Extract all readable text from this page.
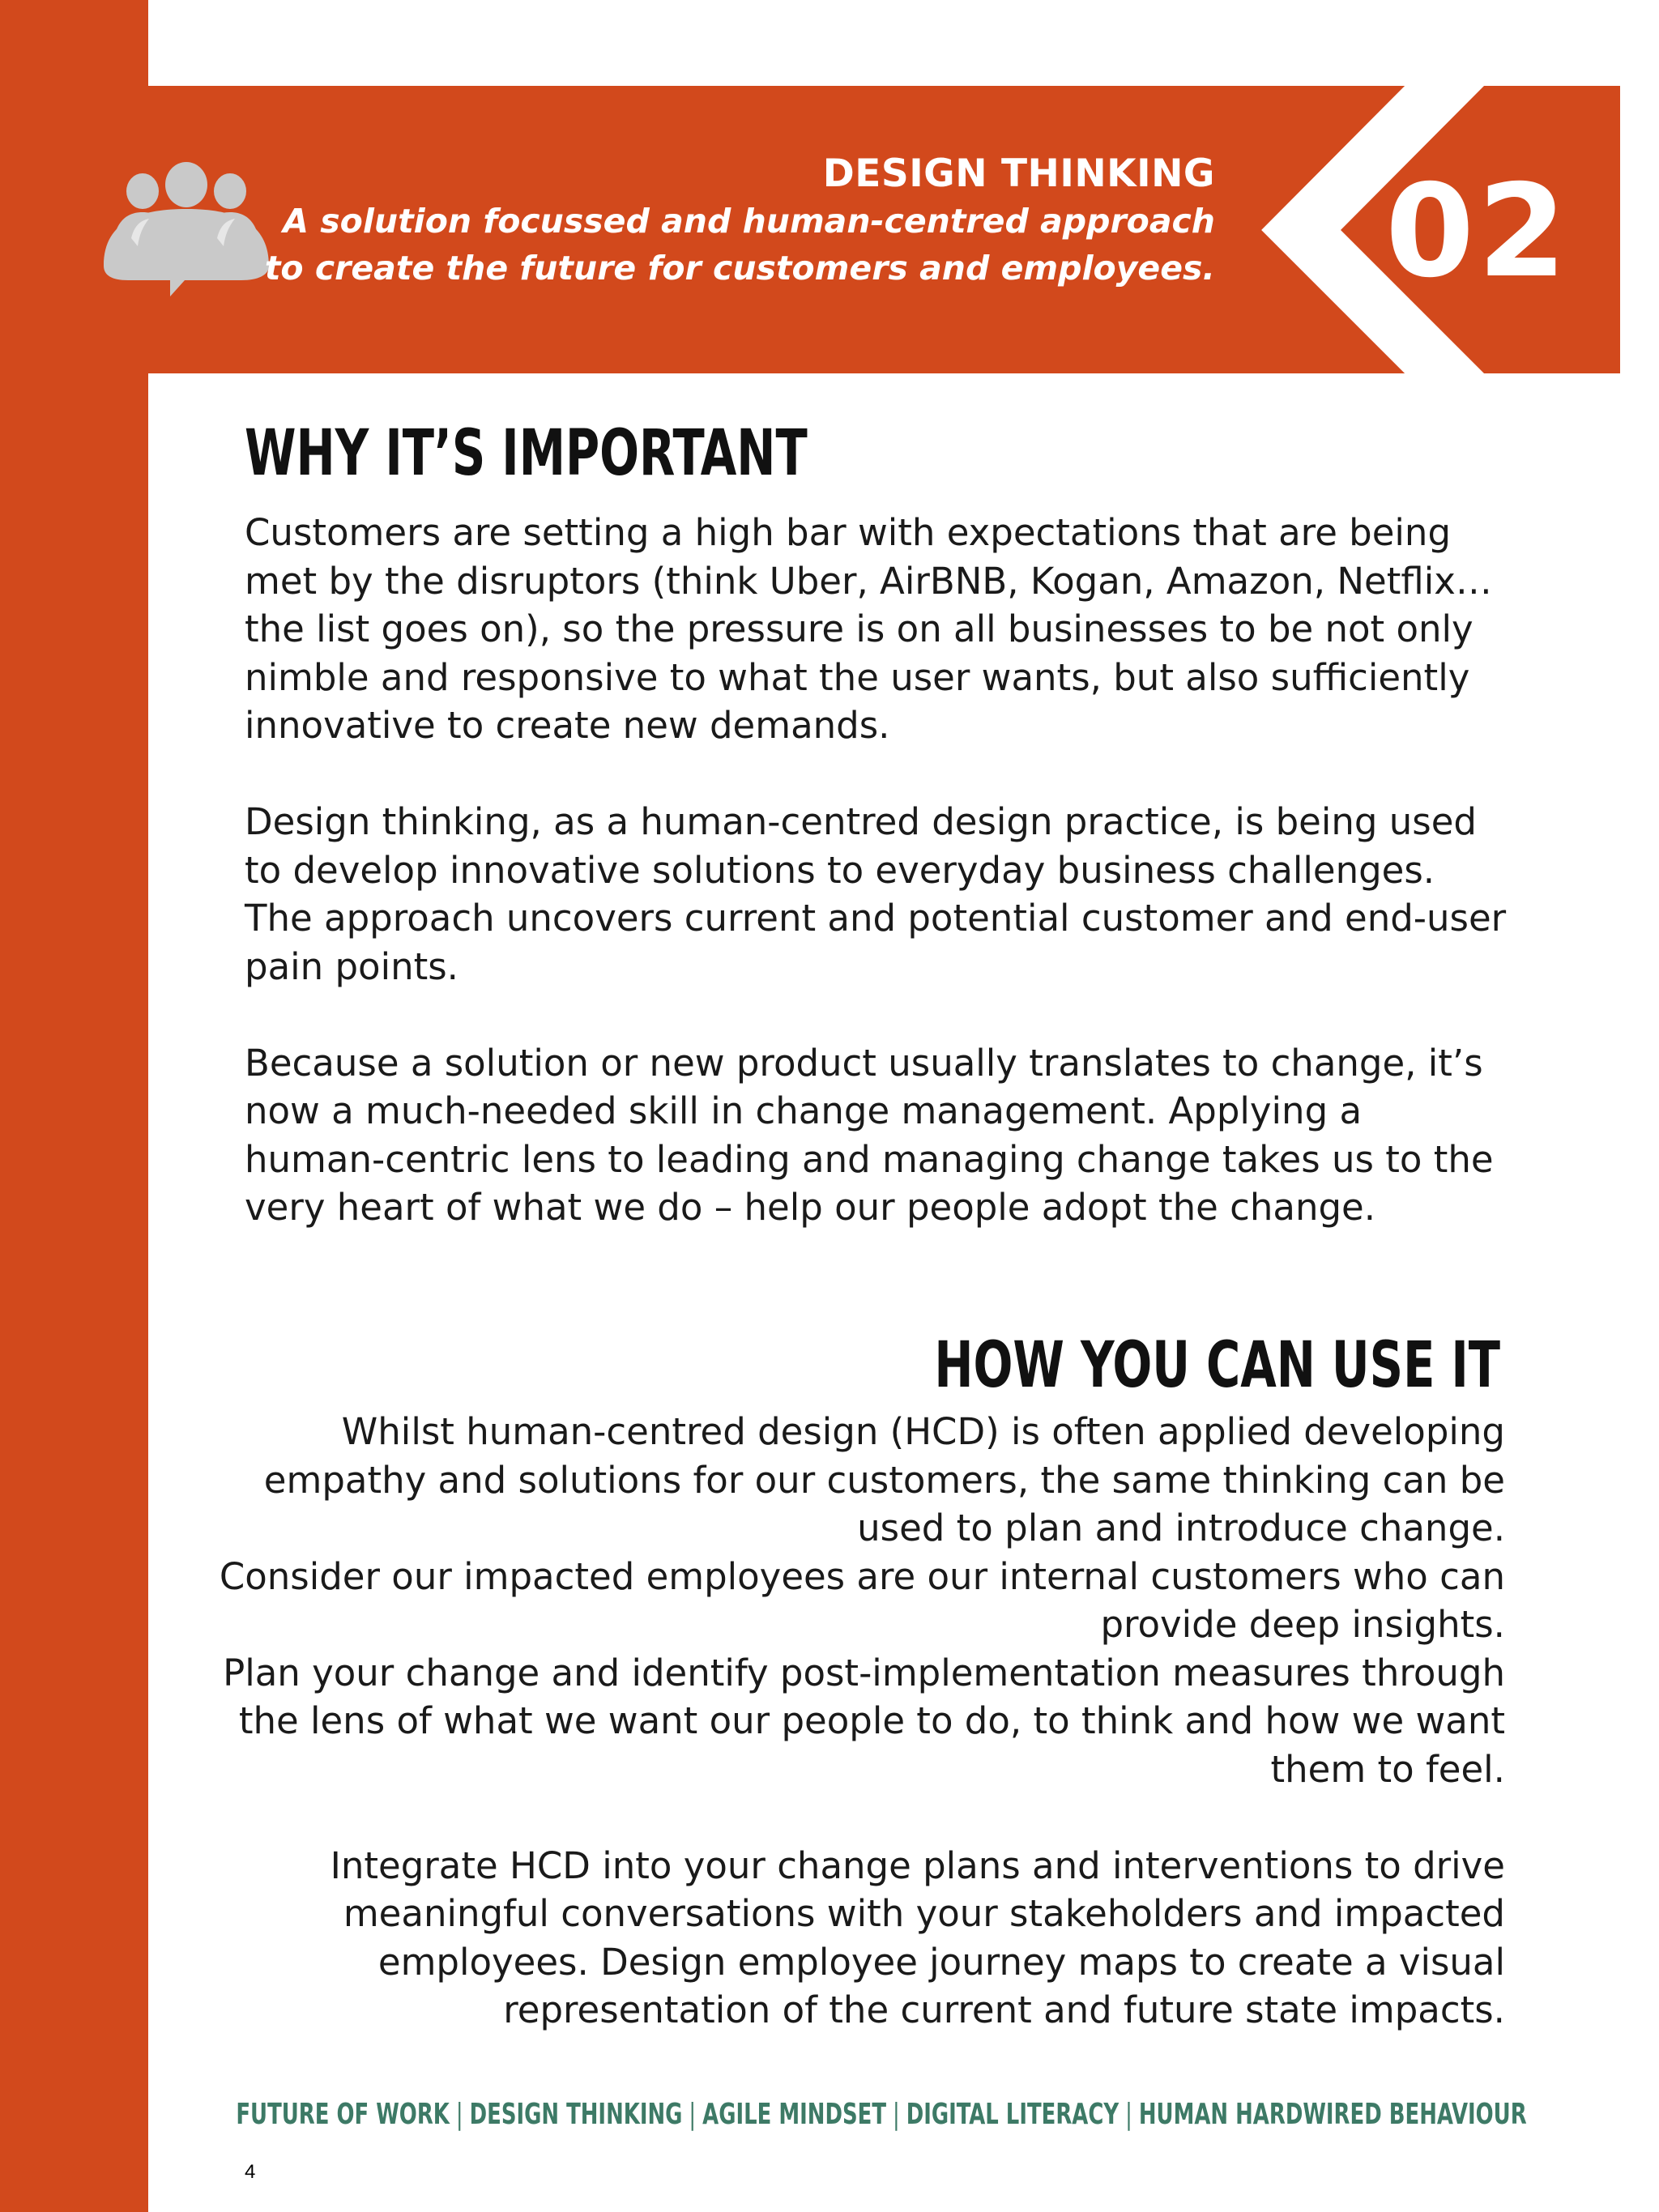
DESIGN THINKING
A solution focussed and human-centred approach
to create the future for customers and employees. 02
WHY IT’S IMPORTANT

Customers are setting a high bar with expectations that are being met by the disruptors (think Uber, AirBNB, Kogan, Amazon, Netflix…the list goes on), so the pressure is on all businesses to be not only nimble and responsive to what the user wants, but also sufficiently innovative to create new demands.

Design thinking, as a human-centred design practice, is being used to develop innovative solutions to everyday business challenges. The approach uncovers current and potential customer and end-user pain points.

Because a solution or new product usually translates to change, it’s now a much-needed skill in change management. Applying a human-centric lens to leading and managing change takes us to the very heart of what we do – help our people adopt the change.

HOW YOU CAN USE IT

Whilst human-centred design (HCD) is often applied developing empathy and solutions for our customers, the same thinking can be used to plan and introduce change.

Consider our impacted employees are our internal customers who can provide deep insights.

Plan your change and identify post-implementation measures through the lens of what we want our people to do, to think and how we want them to feel.

Integrate HCD into your change plans and interventions to drive meaningful conversations with your stakeholders and impacted employees. Design employee journey maps to create a visual representation of the current and future state impacts.

FUTURE OF WORK | DESIGN THINKING | AGILE MINDSET | DIGITAL LITERACY | HUMAN HARDWIRED BEHAVIOUR
4
